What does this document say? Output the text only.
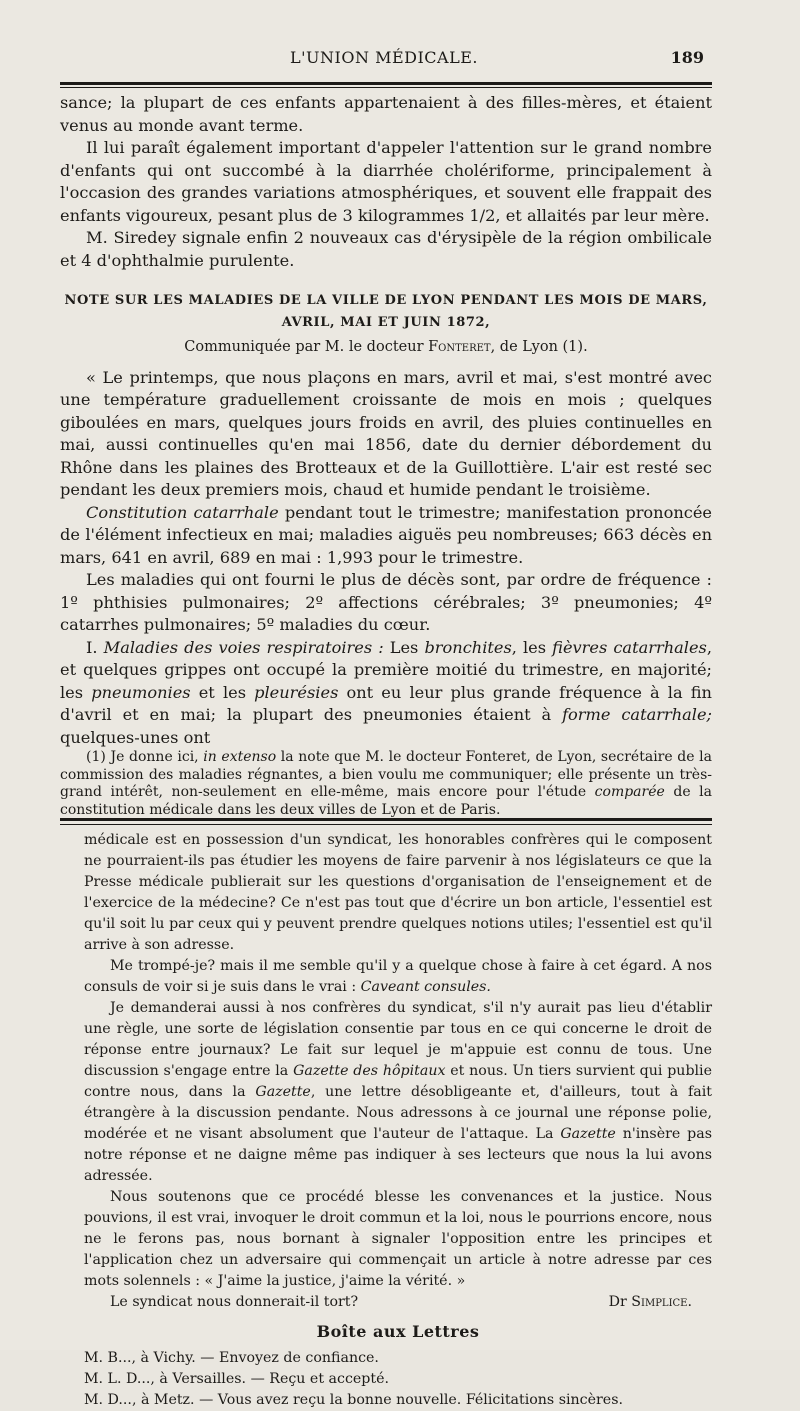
L'UNION MÉDICALE.	189

sance; la plupart de ces enfants appartenaient à des filles-mères, et étaient venus au monde avant terme.

Il lui paraît également important d'appeler l'attention sur le grand nombre d'enfants qui ont succombé à la diarrhée cholériforme, principalement à l'occasion des grandes variations atmosphériques, et souvent elle frappait des enfants vigoureux, pesant plus de 3 kilogrammes 1/2, et allaités par leur mère.

M. Siredey signale enfin 2 nouveaux cas d'érysipèle de la région ombilicale et 4 d'ophthalmie purulente.

NOTE SUR LES MALADIES DE LA VILLE DE LYON PENDANT LES MOIS DE MARS,
AVRIL, MAI ET JUIN 1872,
Communiquée par M. le docteur Fonteret, de Lyon (1).

« Le printemps, que nous plaçons en mars, avril et mai, s'est montré avec une température graduellement croissante de mois en mois ; quelques giboulées en mars, quelques jours froids en avril, des pluies continuelles en mai, aussi continuelles qu'en mai 1856, date du dernier débordement du Rhône dans les plaines des Brotteaux et de la Guillottière. L'air est resté sec pendant les deux premiers mois, chaud et humide pendant le troisième.

Constitution catarrhale pendant tout le trimestre; manifestation prononcée de l'élément infectieux en mai; maladies aiguës peu nombreuses; 663 décès en mars, 641 en avril, 689 en mai : 1,993 pour le trimestre.

Les maladies qui ont fourni le plus de décès sont, par ordre de fréquence : 1º phthisies pulmonaires; 2º affections cérébrales; 3º pneumonies; 4º catarrhes pulmonaires; 5º maladies du cœur.

I. Maladies des voies respiratoires : Les bronchites, les fièvres catarrhales, et quelques grippes ont occupé la première moitié du trimestre, en majorité; les pneumonies et les pleurésies ont eu leur plus grande fréquence à la fin d'avril et en mai; la plupart des pneumonies étaient à forme catarrhale; quelques-unes ont

(1) Je donne ici, in extenso la note que M. le docteur Fonteret, de Lyon, secrétaire de la commission des maladies régnantes, a bien voulu me communiquer; elle présente un très-grand intérêt, non-seulement en elle-même, mais encore pour l'étude comparée de la constitution médicale dans les deux villes de Lyon et de Paris.

médicale est en possession d'un syndicat, les honorables confrères qui le composent ne pourraient-ils pas étudier les moyens de faire parvenir à nos législateurs ce que la Presse médicale publierait sur les questions d'organisation de l'enseignement et de l'exercice de la médecine? Ce n'est pas tout que d'écrire un bon article, l'essentiel est qu'il soit lu par ceux qui y peuvent prendre quelques notions utiles; l'essentiel est qu'il arrive à son adresse.

Me trompé-je? mais il me semble qu'il y a quelque chose à faire à cet égard. A nos consuls de voir si je suis dans le vrai : Caveant consules.

Je demanderai aussi à nos confrères du syndicat, s'il n'y aurait pas lieu d'établir une règle, une sorte de législation consentie par tous en ce qui concerne le droit de réponse entre journaux? Le fait sur lequel je m'appuie est connu de tous. Une discussion s'engage entre la Gazette des hôpitaux et nous. Un tiers survient qui publie contre nous, dans la Gazette, une lettre désobligeante et, d'ailleurs, tout à fait étrangère à la discussion pendante. Nous adressons à ce journal une réponse polie, modérée et ne visant absolument que l'auteur de l'attaque. La Gazette n'insère pas notre réponse et ne daigne même pas indiquer à ses lecteurs que nous la lui avons adressée.

Nous soutenons que ce procédé blesse les convenances et la justice. Nous pouvions, il est vrai, invoquer le droit commun et la loi, nous le pourrions encore, nous ne le ferons pas, nous bornant à signaler l'opposition entre les principes et l'application chez un adversaire qui commençait un article à notre adresse par ces mots solennels : « J'aime la justice, j'aime la vérité. »

Le syndicat nous donnerait-il tort?	Dr Simplice.

Boîte aux Lettres

M. B..., à Vichy. — Envoyez de confiance.

M. L. D..., à Versailles. — Reçu et accepté.

M. D..., à Metz. — Vous avez reçu la bonne nouvelle. Félicitations sincères.
